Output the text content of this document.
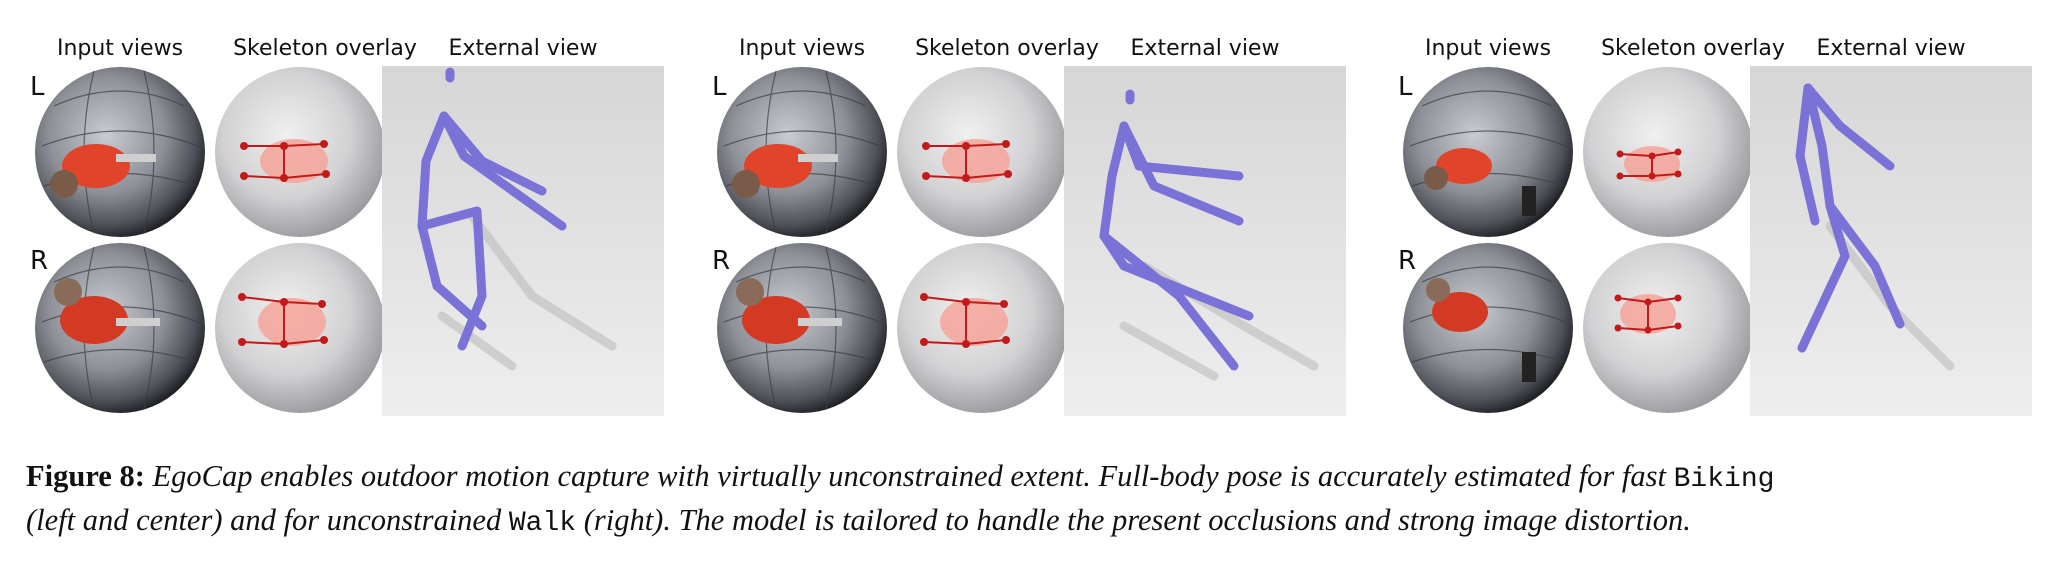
Input views	Skeleton overlay	External view
L
R
Input views	Skeleton overlay	External view
L
R
Input views	Skeleton overlay	External view
L
R
Figure 8: EgoCap enables outdoor motion capture with virtually unconstrained extent. Full-body pose is accurately estimated for fast Biking
(left and center) and for unconstrained Walk (right). The model is tailored to handle the present occlusions and strong image distortion.
